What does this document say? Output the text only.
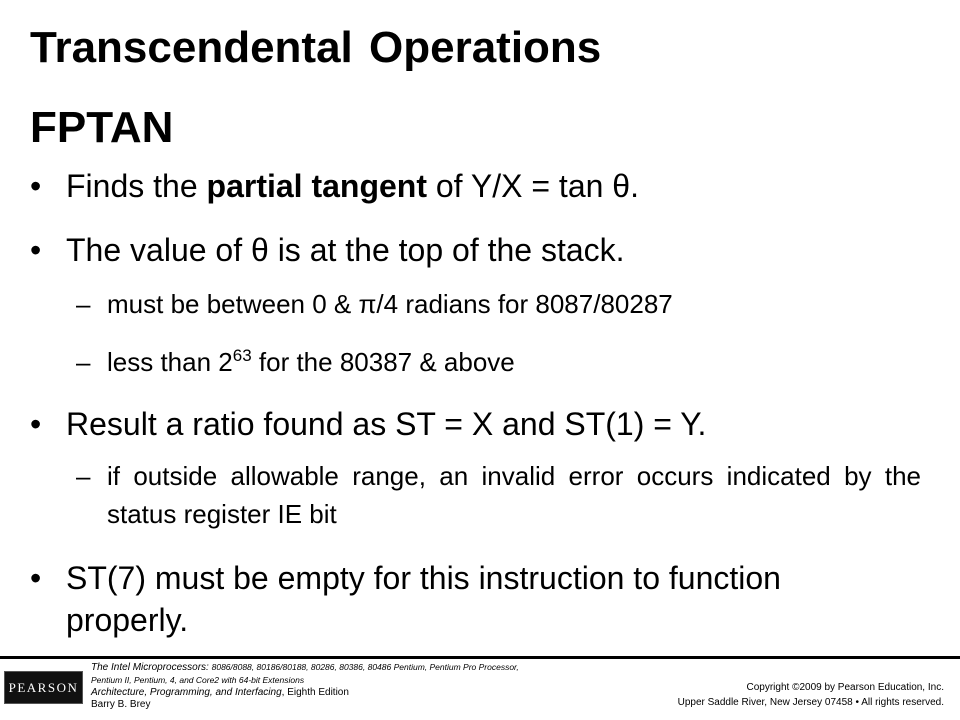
Transcendental Operations
FPTAN
• Finds the partial tangent of Y/X = tan θ.
• The value of θ is at the top of the stack.
– must be between 0 & π/4 radians for 8087/80287
– less than $2^{63}$ for the 80387 & above
• Result a ratio found as ST = X and ST(1) = Y.
– if outside allowable range, an invalid error occurs indicated by the status register IE bit
• ST(7) must be empty for this instruction to function properly.
PEARSON
The Intel Microprocessors: 8086/8088, 80186/80188, 80286, 80386, 80486 Pentium, Pentium Pro Processor, Pentium II, Pentium, 4, and Core2 with 64-bit Extensions
Architecture, Programming, and Interfacing, Eighth Edition
Barry B. Brey
Copyright ©2009 by Pearson Education, Inc.
Upper Saddle River, New Jersey 07458 • All rights reserved.
